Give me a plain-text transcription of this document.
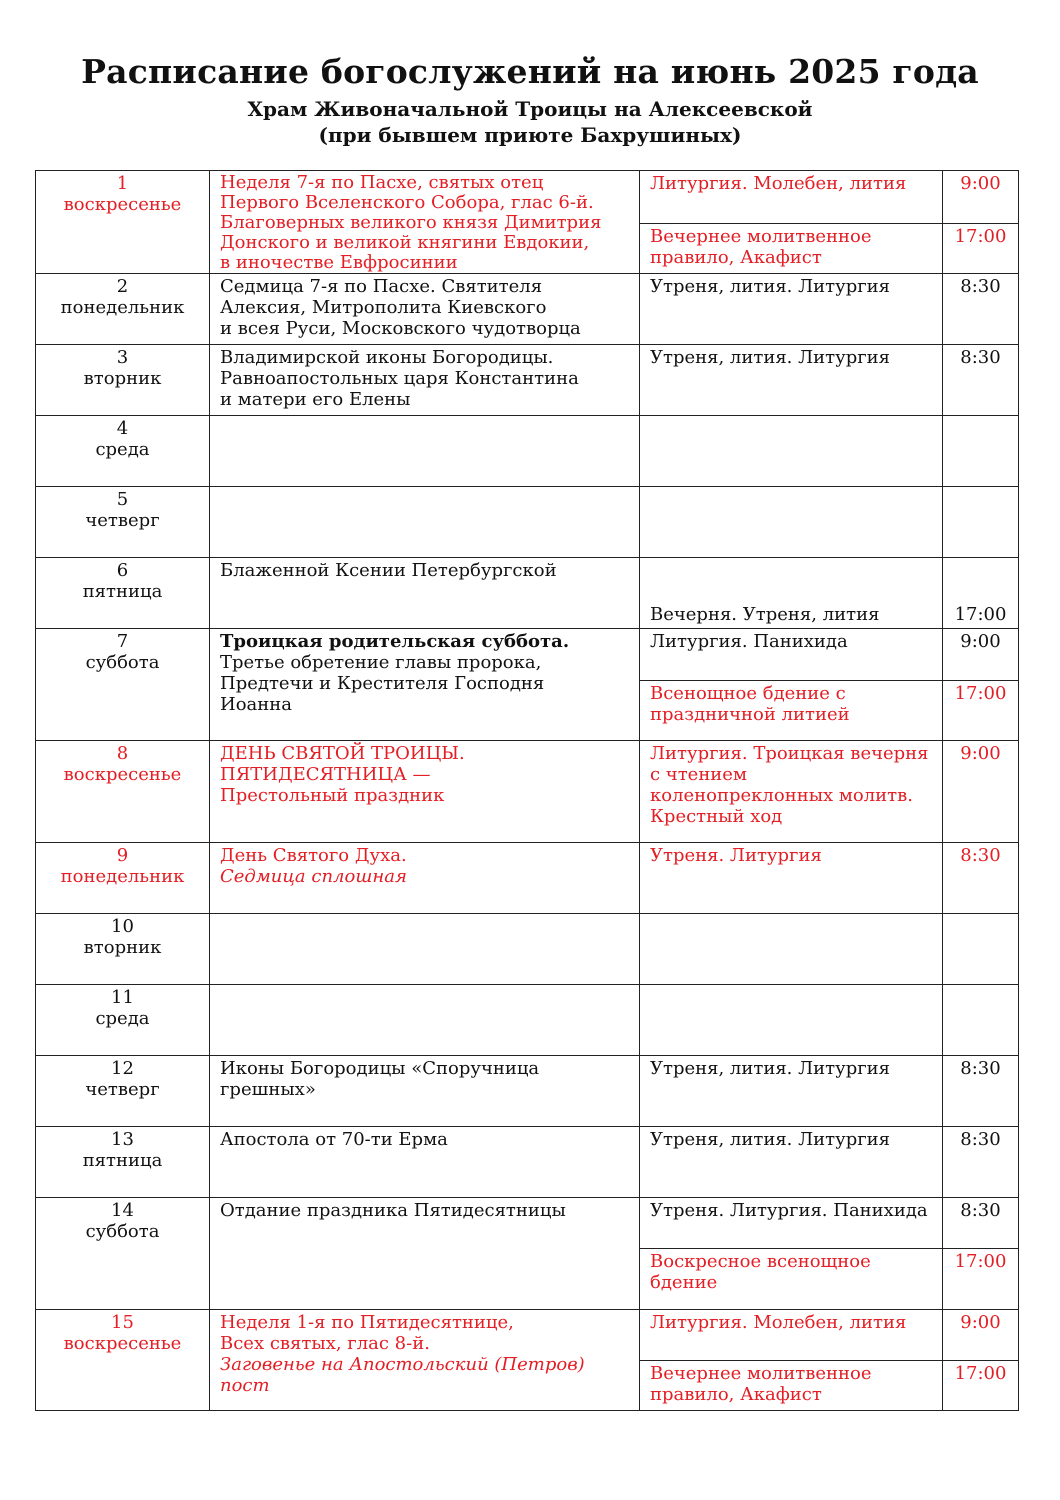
Расписание богослужений на июнь 2025 года
Храм Живоначальной Троицы на Алексеевской
(при бывшем приюте Бахрушиных)
1
воскресенье	Неделя 7-я по Пасхе, святых отец
Первого Вселенского Собора, глас 6-й.
Благоверных великого князя Димитрия
Донского и великой княгини Евдокии,
в иночестве Евфросинии	Литургия. Молебен, лития	9:00
		Вечернее молитвенное правило, Акафист	17:00

2
понедельник	Седмица 7-я по Пасхе. Святителя
Алексия, Митрополита Киевского
и всея Руси, Московского чудотворца	Утреня, лития. Литургия	8:30

3
вторник	Владимирской иконы Богородицы.
Равноапостольных царя Константина
и матери его Елены	Утреня, лития. Литургия	8:30

4
среда			

5
четверг			

6
пятница	Блаженной Ксении Петербургской	Вечерня. Утреня, лития	17:00

7
суббота	Троицкая родительская суббота.
Третье обретение главы пророка,
Предтечи и Крестителя Господня
Иоанна	Литургия. Панихида	9:00
		Всенощное бдение с праздничной литией	17:00

8
воскресенье	ДЕНЬ СВЯТОЙ ТРОИЦЫ.
ПЯТИДЕСЯТНИЦА —
Престольный праздник	Литургия. Троицкая вечерня с чтением коленопреклонных молитв. Крестный ход	9:00

9
понедельник	День Святого Духа.
Седмица сплошная	Утреня. Литургия	8:30

10
вторник			

11
среда			

12
четверг	Иконы Богородицы «Споручница
грешных»	Утреня, лития. Литургия	8:30

13
пятница	Апостола от 70-ти Ерма	Утреня, лития. Литургия	8:30

14
суббота	Отдание праздника Пятидесятницы	Утреня. Литургия. Панихида	8:30
		Воскресное всенощное бдение	17:00

15
воскресенье	Неделя 1-я по Пятидесятнице,
Всех святых, глас 8-й.
Заговенье на Апостольский (Петров) пост	Литургия. Молебен, лития	9:00
		Вечернее молитвенное правило, Акафист	17:00
